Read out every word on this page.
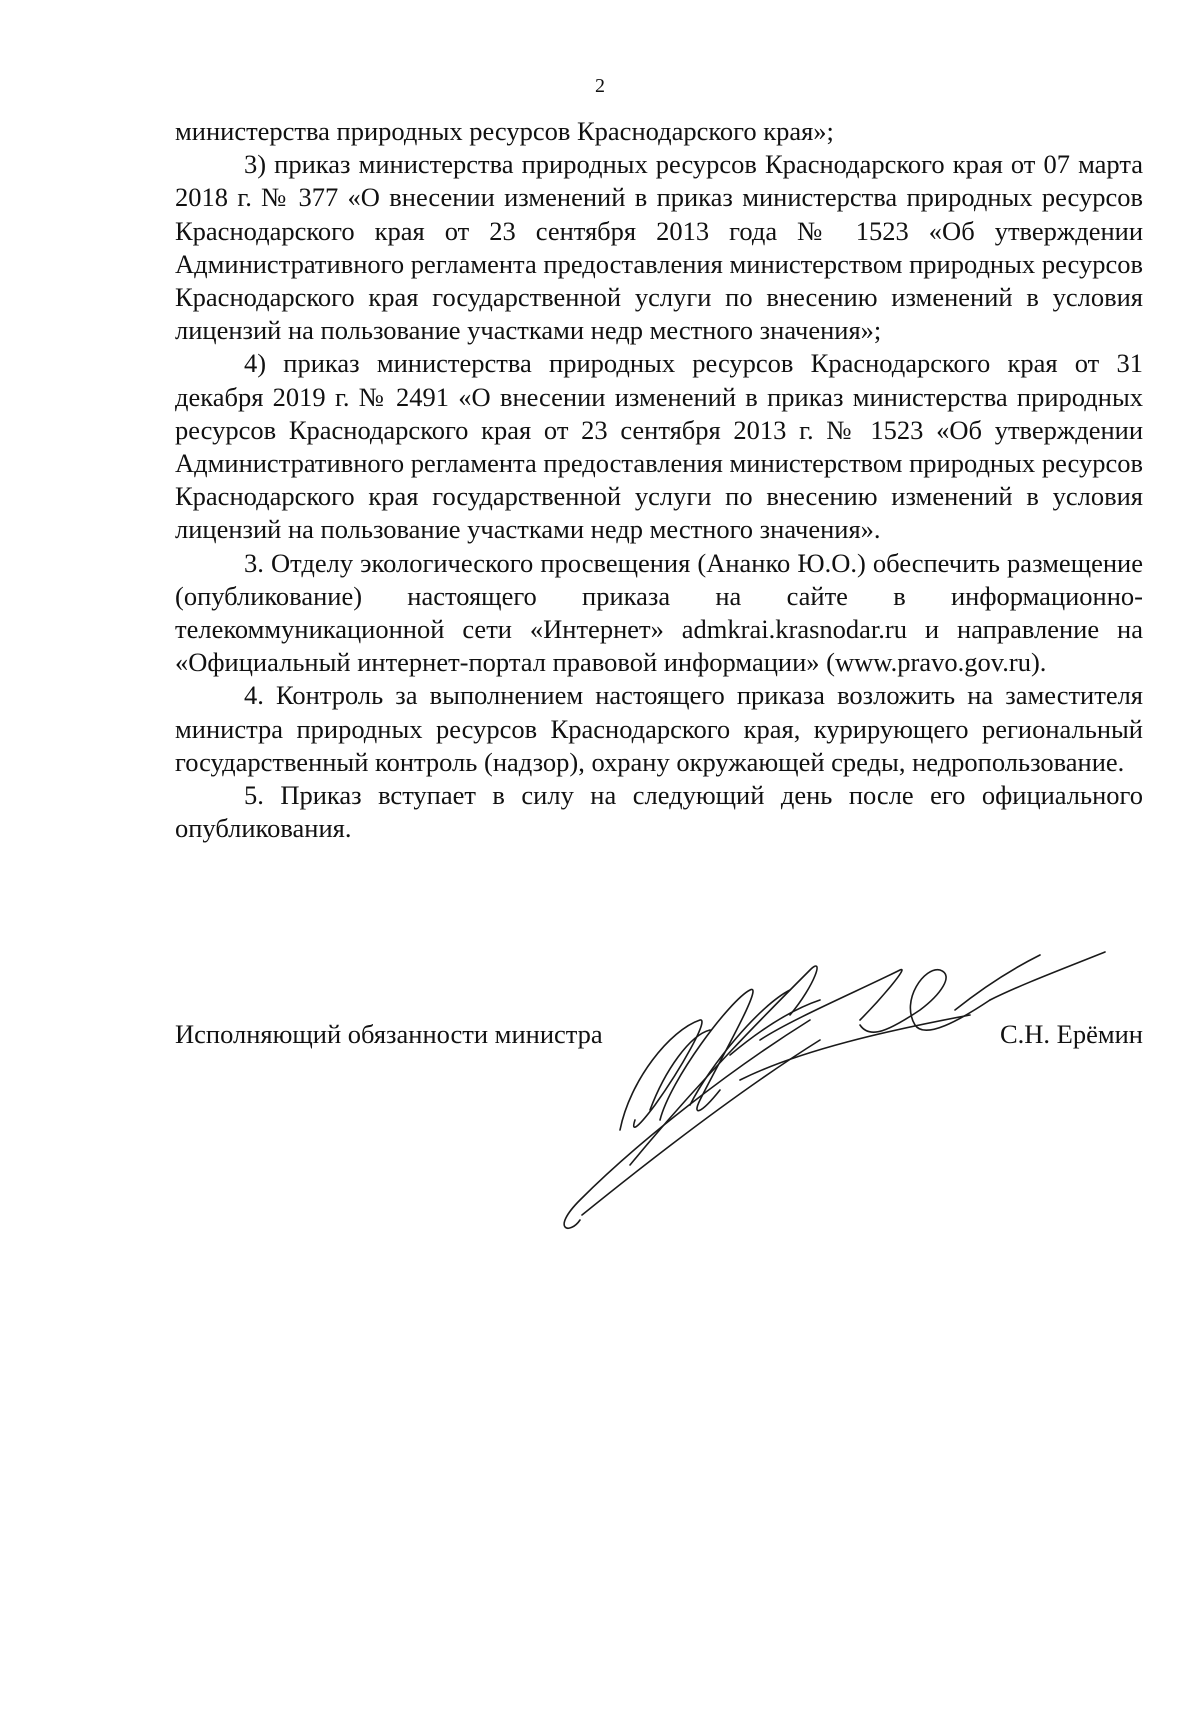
2

министерства природных ресурсов Краснодарского края»;

3) приказ министерства природных ресурсов Краснодарского края от 07 марта 2018 г. № 377 «О внесении изменений в приказ министерства природных ресурсов Краснодарского края от 23 сентября 2013 года № 1523 «Об утверждении Административного регламента предоставления министерством природных ресурсов Краснодарского края государственной услуги по внесению изменений в условия лицензий на пользование участками недр местного значения»;

4) приказ министерства природных ресурсов Краснодарского края от 31 декабря 2019 г. № 2491 «О внесении изменений в приказ министерства природных ресурсов Краснодарского края от 23 сентября 2013 г. № 1523 «Об утверждении Административного регламента предоставления министерством природных ресурсов Краснодарского края государственной услуги по внесению изменений в условия лицензий на пользование участками недр местного значения».

3. Отделу экологического просвещения (Ананко Ю.О.) обеспечить размещение (опубликование) настоящего приказа на сайте в информационно-телекоммуникационной сети «Интернет» admkrai.krasnodar.ru и направление на «Официальный интернет-портал правовой информации» (www.pravo.gov.ru).

4. Контроль за выполнением настоящего приказа возложить на заместителя министра природных ресурсов Краснодарского края, курирующего региональный государственный контроль (надзор), охрану окружающей среды, недропользование.

5. Приказ вступает в силу на следующий день после его официального опубликования.

Исполняющий обязанности министра	С.Н. Ерёмин
